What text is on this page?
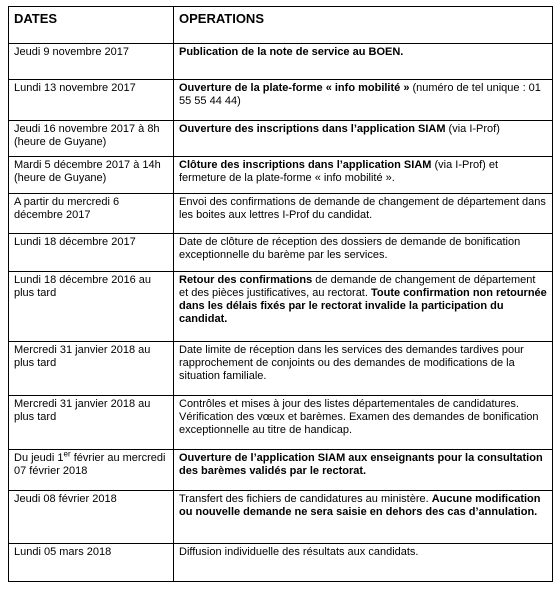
DATES	OPERATIONS
Jeudi 9 novembre 2017	Publication de la note de service au BOEN.
Lundi 13 novembre 2017	Ouverture de la plate-forme « info mobilité » (numéro de tel unique : 01 55 55 44 44)
Jeudi 16 novembre 2017 à 8h (heure de Guyane)	Ouverture des inscriptions dans l’application SIAM (via I-Prof)
Mardi 5 décembre 2017 à 14h (heure de Guyane)	Clôture des inscriptions dans l’application SIAM (via I-Prof) et fermeture de la plate-forme « info mobilité ».
A partir du mercredi 6 décembre 2017	Envoi des confirmations de demande de changement de département dans les boites aux lettres I-Prof du candidat.
Lundi 18 décembre 2017	Date de clôture de réception des dossiers de demande de bonification exceptionnelle du barème par les services.
Lundi 18 décembre 2016 au plus tard	Retour des confirmations de demande de changement de département et des pièces justificatives, au rectorat. Toute confirmation non retournée dans les délais fixés par le rectorat invalide la participation du candidat.
Mercredi 31 janvier 2018 au plus tard	Date limite de réception dans les services des demandes tardives pour rapprochement de conjoints ou des demandes de modifications de la situation familiale.
Mercredi 31 janvier 2018 au plus tard	Contrôles et mises à jour des listes départementales de candidatures. Vérification des vœux et barèmes. Examen des demandes de bonification exceptionnelle au titre de handicap.
Du jeudi 1er février au mercredi 07 février 2018	Ouverture de l’application SIAM aux enseignants pour la consultation des barèmes validés par le rectorat.
Jeudi 08 février 2018	Transfert des fichiers de candidatures au ministère. Aucune modification ou nouvelle demande ne sera saisie en dehors des cas d’annulation.
Lundi 05 mars 2018	Diffusion individuelle des résultats aux candidats.
